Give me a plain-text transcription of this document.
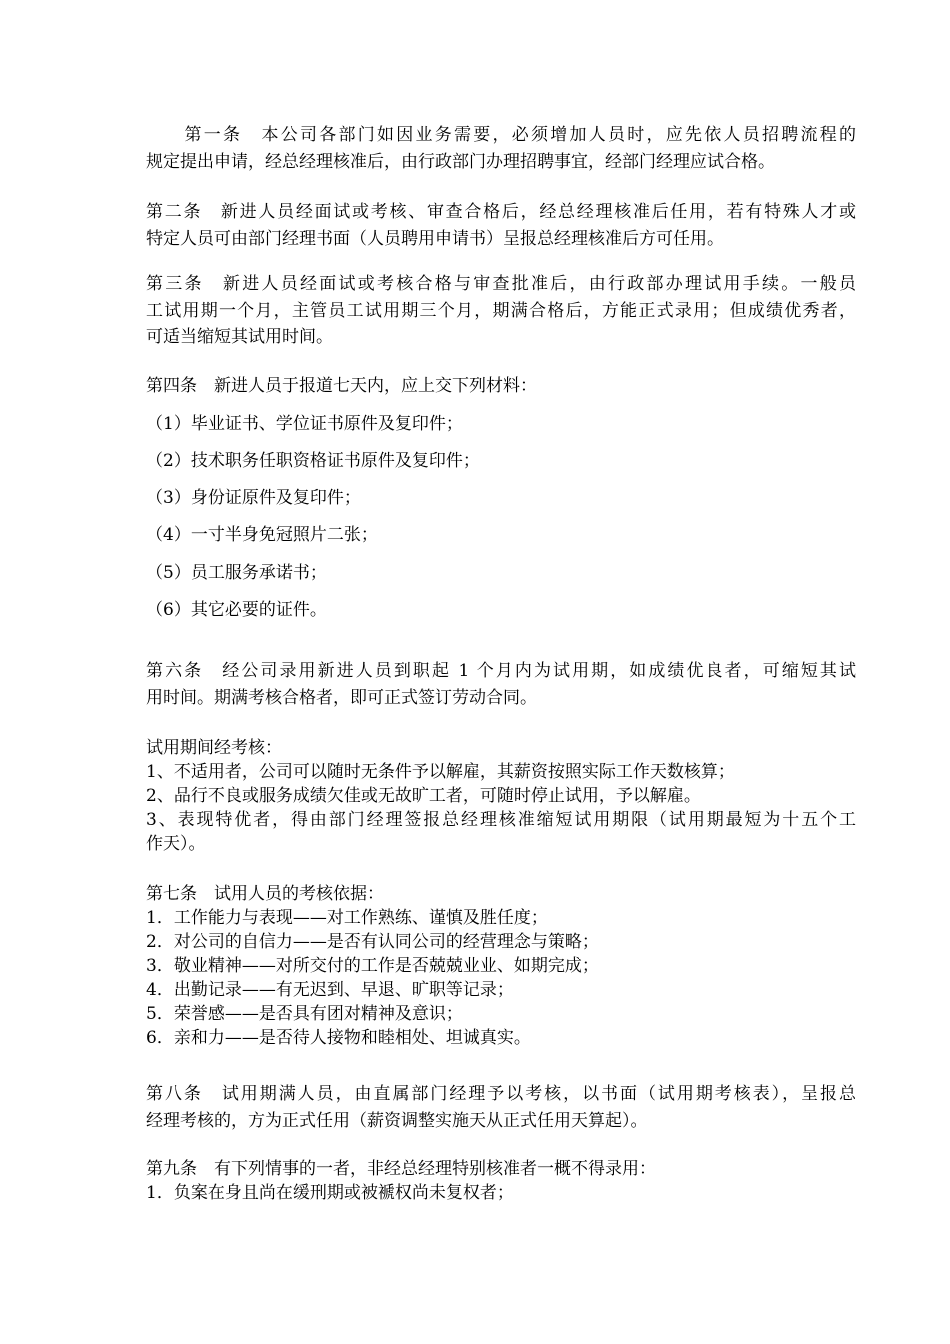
　　第一条　本公司各部门如因业务需要，必须增加人员时，应先依人员招聘流程的
规定提出申请，经总经理核准后，由行政部门办理招聘事宜，经部门经理应试合格。
第二条　新进人员经面试或考核、审查合格后，经总经理核准后任用，若有特殊人才或
特定人员可由部门经理书面（人员聘用申请书）呈报总经理核准后方可任用。
第三条　新进人员经面试或考核合格与审查批准后，由行政部办理试用手续。一般员
工试用期一个月，主管员工试用期三个月，期满合格后，方能正式录用；但成绩优秀者，
可适当缩短其试用时间。
第四条　新进人员于报道七天内，应上交下列材料：
（1）毕业证书、学位证书原件及复印件；
（2）技术职务任职资格证书原件及复印件；
（3）身份证原件及复印件；
（4）一寸半身免冠照片二张；
（5）员工服务承诺书；
（6）其它必要的证件。
第六条　经公司录用新进人员到职起 1 个月内为试用期，如成绩优良者，可缩短其试
用时间。期满考核合格者，即可正式签订劳动合同。
试用期间经考核：
1、不适用者，公司可以随时无条件予以解雇，其薪资按照实际工作天数核算；
2、品行不良或服务成绩欠佳或无故旷工者，可随时停止试用，予以解雇。
3、表现特优者，得由部门经理签报总经理核准缩短试用期限（试用期最短为十五个工
作天）。
第七条　试用人员的考核依据：
1．工作能力与表现——对工作熟练、谨慎及胜任度；
2．对公司的自信力——是否有认同公司的经营理念与策略；
3．敬业精神——对所交付的工作是否兢兢业业、如期完成；
4．出勤记录——有无迟到、早退、旷职等记录；
5．荣誉感——是否具有团对精神及意识；
6．亲和力——是否待人接物和睦相处、坦诚真实。
第八条　试用期满人员，由直属部门经理予以考核，以书面（试用期考核表），呈报总
经理考核的，方为正式任用（薪资调整实施天从正式任用天算起）。
第九条　有下列情事的一者，非经总经理特别核准者一概不得录用：
1．负案在身且尚在缓刑期或被褫权尚未复权者；
